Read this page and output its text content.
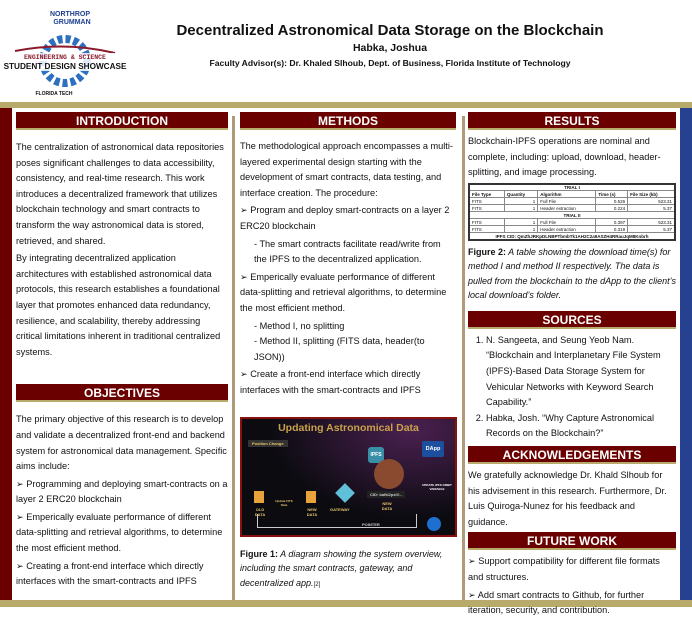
NORTHROP
GRUMMAN
ENGINEERING & SCIENCE
STUDENT DESIGN SHOWCASE
FLORIDA TECH
Decentralized Astronomical Data Storage on the Blockchain
Habka, Joshua
Faculty Advisor(s): Dr. Khaled Slhoub, Dept. of Business, Florida Institute of Technology
INTRODUCTION

The centralization of astronomical data repositories poses significant challenges to data accessibility, consistency, and real-time research. This work introduces a decentralized framework that utilizes blockchain technology and smart contracts to transform the way astronomical data is stored, retrieved, and shared.

By integrating decentralized application architectures with established astronomical data protocols, this research establishes a foundational layer that promotes enhanced data redundancy, resilience, and scalability, thereby addressing critical limitations inherent in traditional centralized systems.

OBJECTIVES

The primary objective of this research is to develop and validate a decentralized front-end and backend system for astronomical data management. Specific aims include:

➢ Programming and deploying smart-contracts on a layer 2 ERC20 blockchain

➢ Emperically evaluate performance of different data-splitting and retrieval algorithms, to determine the most efficient method.

➢ Creating a front-end interface which directly interfaces with the smart-contracts and IPFS

METHODS

The methodological approach encompasses a multi-layered experimental design starting with the development of smart contracts, data testing, and interface creation. The procedure:

➢ Program and deploy smart-contracts on a layer 2 ERC20 blockchain

- The smart contracts facilitate read/write from the IPFS to the decentralized application.

➢ Emperically evaluate performance of different data-splitting and retrieval algorithms, to determine the most efficient method.

- Method I, no splitting

- Method II, splitting (FITS data, header(to JSON))

➢ Create a front-end interface which directly interfaces with the smart-contracts and IPFS

Updating Astronomical Data
Position Change
IPFS
DApp
OLD DATA
Update FITS Data
NEW DATA
GATEWAY
CID: bafkl2pxiV...
NEW DATA
UPDATE IPFS ORBIT VARIABLE
POINTER
Figure 1: A diagram showing the system overview, including the smart contracts, gateway, and decentralized app.[2]
RESULTS

Blockchain-IPFS operations are nominal and complete, including: upload, download, header-splitting, and image processing.

TRIAL I				
File Type	Quantity	Algorithm	Time (s)	File Size (kb)
FITS	1	Full File	0.526	523.31
FITS	1	Header extraction	0.224	5.37
TRIAL II				
FITS	1	Full File	0.397	523.31
FITS	1	Header extraction	0.319	5.37
IPFS CID: QmZhJRKpDLNBPTbmbTk1AH2C2a9ASZH4RRauJqM8Knbrh				
Figure 2: A table showing the download time(s) for method I and method II respectively. The data is pulled from the blockchain to the dApp to the client’s local download’s folder.
SOURCES
1. N. Sangeeta, and Seung Yeob Nam. “Blockchain and Interplanetary File System (IPFS)-Based Data Storage System for Vehicular Networks with Keyword Search Capability.”
2. Habka, Josh. “Why Capture Astronomical Records on the Blockchain?”
ACKNOWLEDGEMENTS

We gratefully acknowledge Dr. Khald Slhoub for his advisement in this research. Furthermore, Dr. Luis Quiroga-Nunez for his feedback and guidance.

FUTURE WORK

➢ Support compatibility for different file formats and structures.

➢ Add smart contracts to Github, for further iteration, security, and contribution.
